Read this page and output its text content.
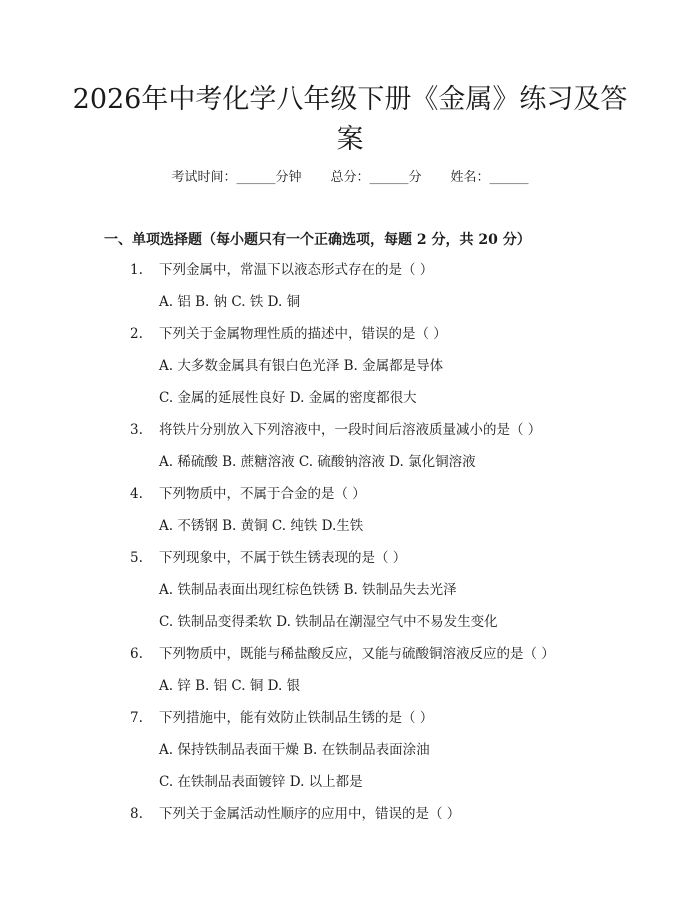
2026年中考化学八年级下册《金属》练习及答案
考试时间：______分钟 总分：______分 姓名：______
一、单项选择题（每小题只有一个正确选项，每题 2 分，共 20 分）
1. 下列金属中，常温下以液态形式存在的是（ ）
A. 铝 B. 钠 C. 铁 D. 铜
2. 下列关于金属物理性质的描述中，错误的是（ ）
A. 大多数金属具有银白色光泽 B. 金属都是导体
C. 金属的延展性良好 D. 金属的密度都很大
3. 将铁片分别放入下列溶液中，一段时间后溶液质量减小的是（ ）
A. 稀硫酸 B. 蔗糖溶液 C. 硫酸钠溶液 D. 氯化铜溶液
4. 下列物质中，不属于合金的是（ ）
A. 不锈钢 B. 黄铜 C. 纯铁 D.生铁
5. 下列现象中，不属于铁生锈表现的是（ ）
A. 铁制品表面出现红棕色铁锈 B. 铁制品失去光泽
C. 铁制品变得柔软 D. 铁制品在潮湿空气中不易发生变化
6. 下列物质中，既能与稀盐酸反应，又能与硫酸铜溶液反应的是（ ）
A. 锌 B. 铝 C. 铜 D. 银
7. 下列措施中，能有效防止铁制品生锈的是（ ）
A. 保持铁制品表面干燥 B. 在铁制品表面涂油
C. 在铁制品表面镀锌 D. 以上都是
8. 下列关于金属活动性顺序的应用中，错误的是（ ）
